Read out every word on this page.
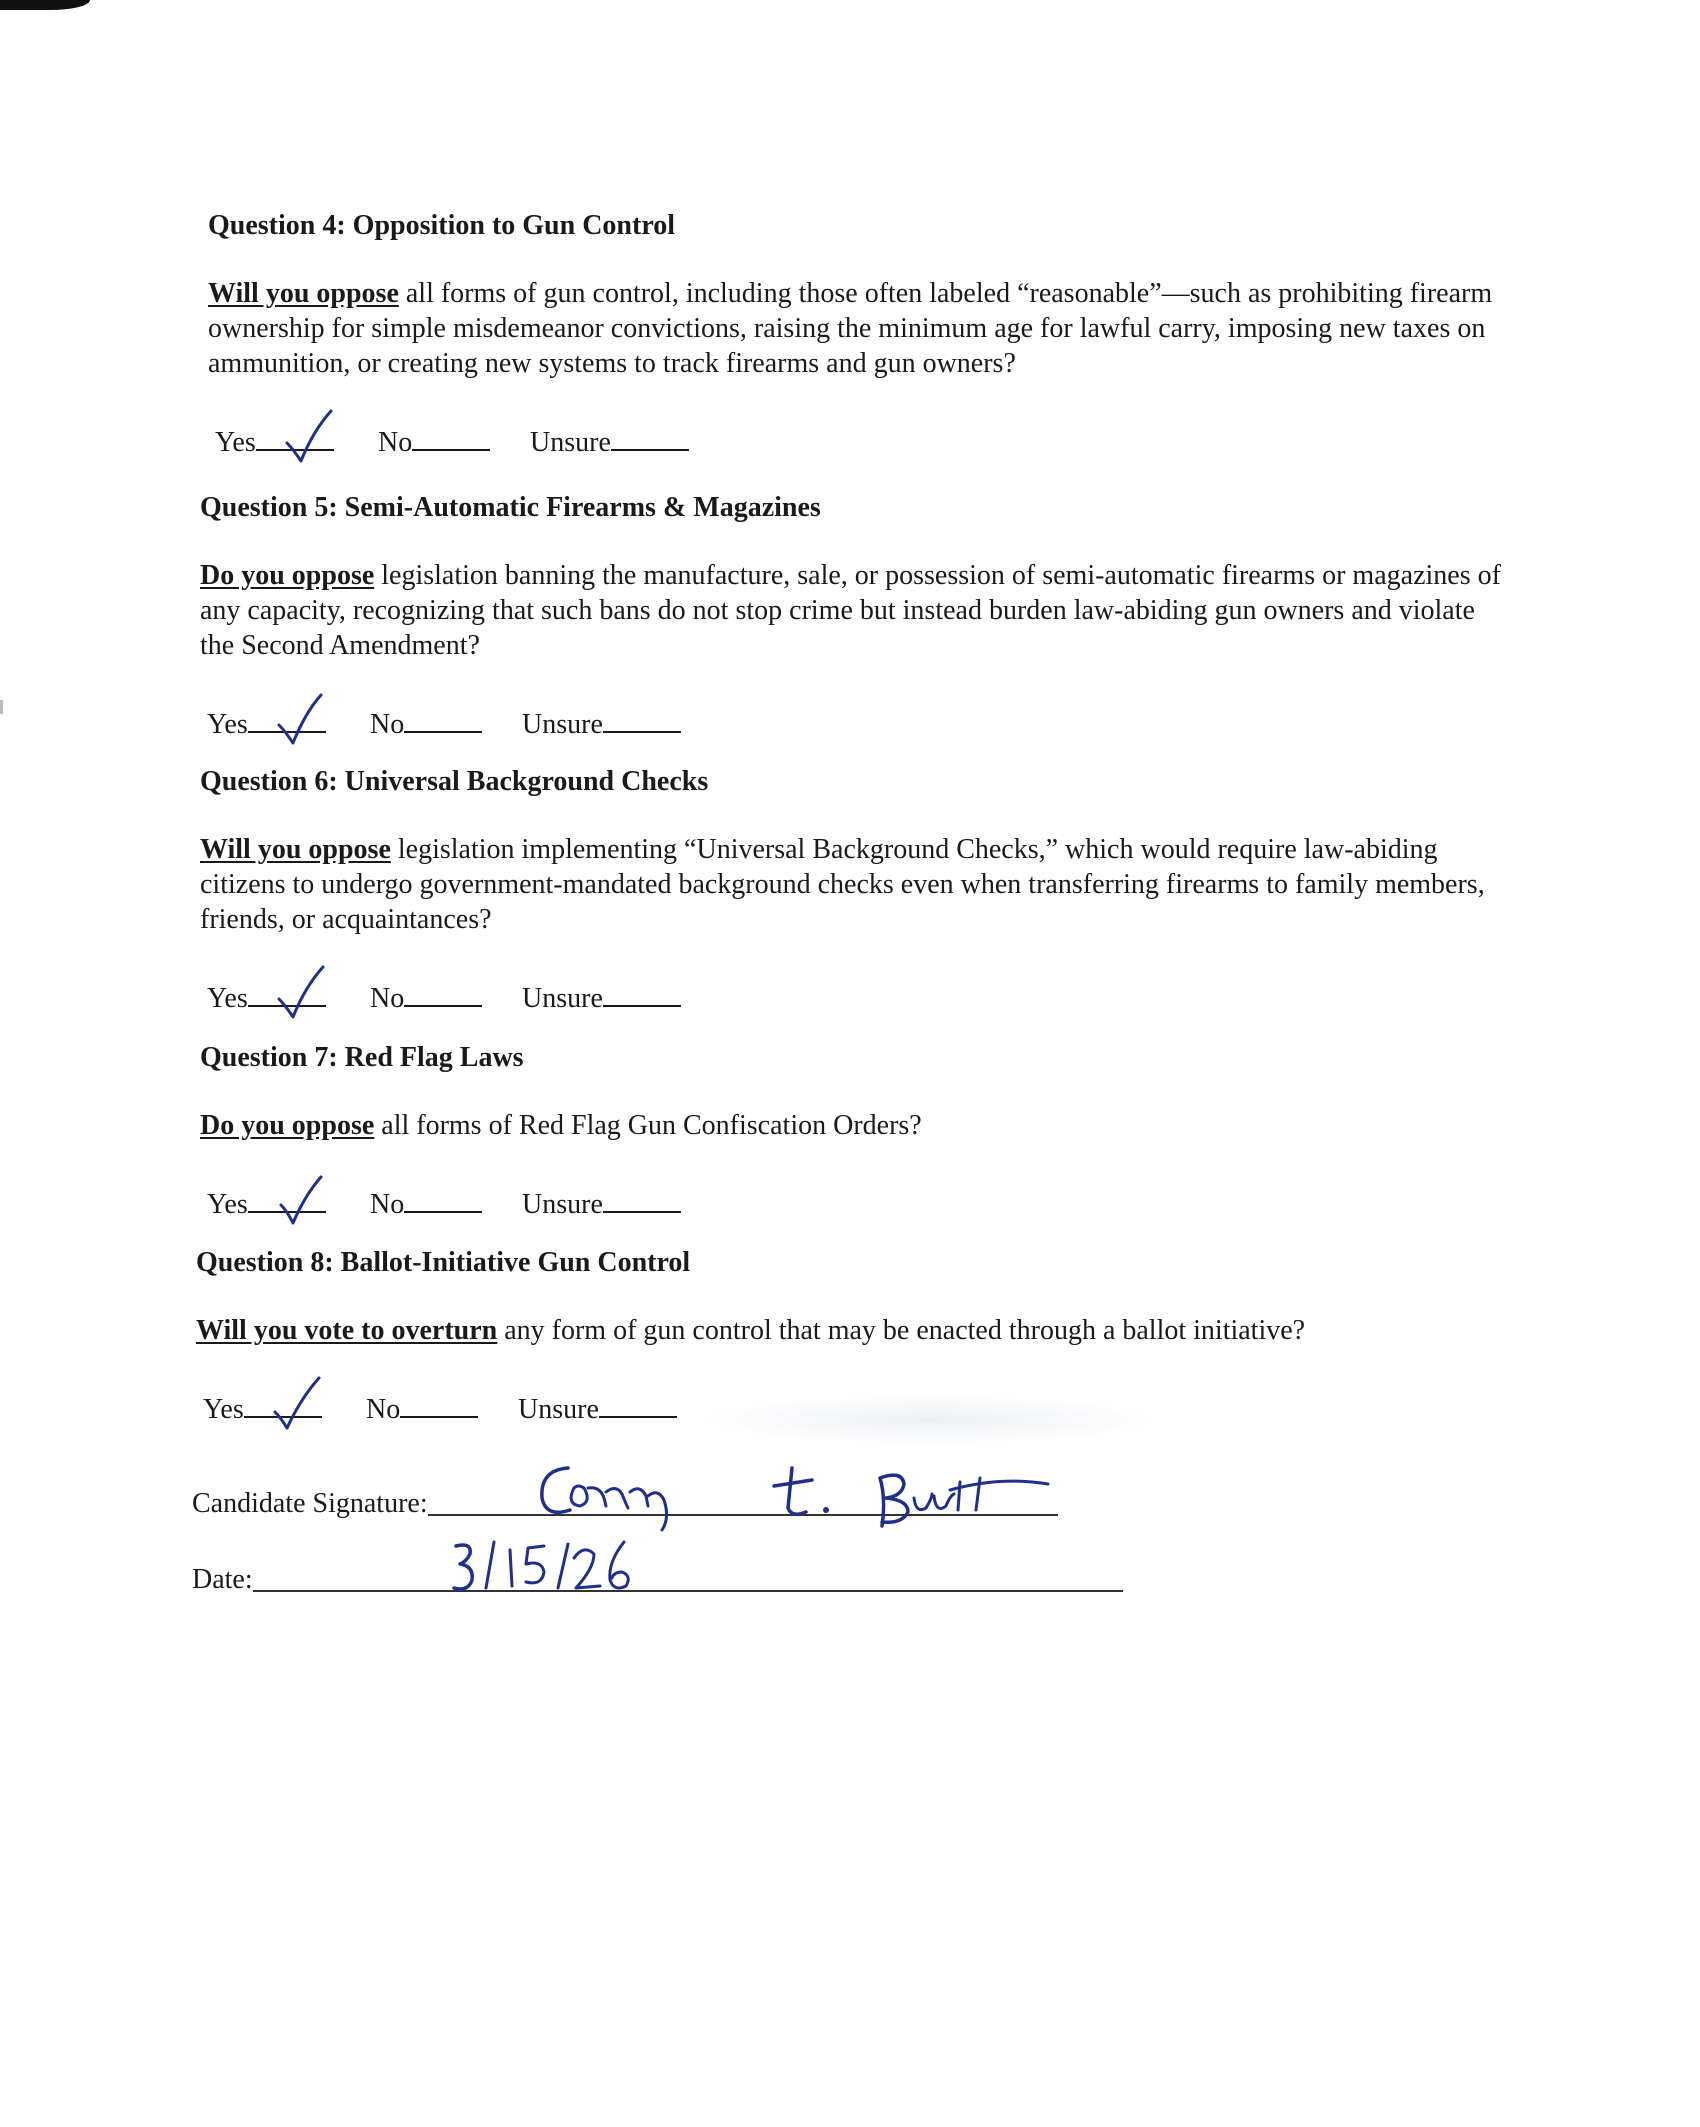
Question 4: Opposition to Gun Control

Will you oppose all forms of gun control, including those often labeled “reasonable”—such as prohibiting firearm ownership for simple misdemeanor convictions, raising the minimum age for lawful carry, imposing new taxes on ammunition, or creating new systems to track firearms and gun owners?

Yes	No	Unsure
Question 5: Semi-Automatic Firearms & Magazines

Do you oppose legislation banning the manufacture, sale, or possession of semi-automatic firearms or magazines of any capacity, recognizing that such bans do not stop crime but instead burden law-abiding gun owners and violate the Second Amendment?

Yes	No	Unsure
Question 6: Universal Background Checks

Will you oppose legislation implementing “Universal Background Checks,” which would require law-abiding citizens to undergo government-mandated background checks even when transferring firearms to family members, friends, or acquaintances?

Yes	No	Unsure
Question 7: Red Flag Laws

Do you oppose all forms of Red Flag Gun Confiscation Orders?

Yes	No	Unsure
Question 8: Ballot-Initiative Gun Control

Will you vote to overturn any form of gun control that may be enacted through a ballot initiative?

Yes	No	Unsure
Candidate Signature:
Corey t. Butt
Date:
3/15/26
